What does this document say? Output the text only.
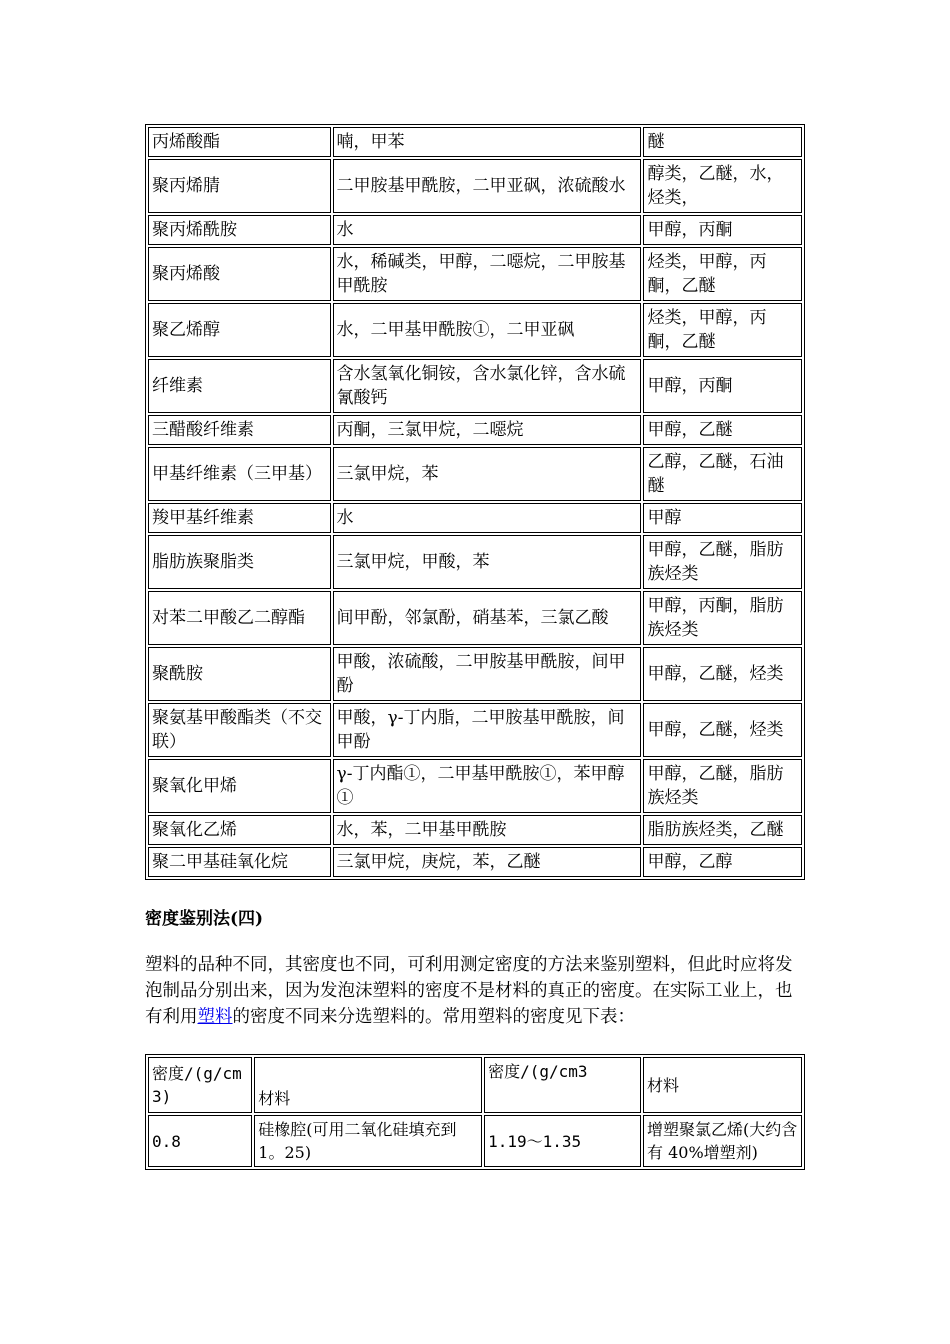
丙烯酸酯	喃，甲苯	醚
聚丙烯腈	二甲胺基甲酰胺，二甲亚砜，浓硫酸水	醇类，乙醚，水，烃类，
聚丙烯酰胺	水	甲醇，丙酮
聚丙烯酸	水，稀碱类，甲醇，二噁烷，二甲胺基甲酰胺	烃类，甲醇，丙酮，乙醚
聚乙烯醇	水，二甲基甲酰胺①，二甲亚砜	烃类，甲醇，丙酮，乙醚
纤维素	含水氢氧化铜铵，含水氯化锌，含水硫氰酸钙	甲醇，丙酮
三醋酸纤维素	丙酮，三氯甲烷，二噁烷	甲醇，乙醚
甲基纤维素（三甲基）	三氯甲烷，苯	乙醇，乙醚，石油醚
羧甲基纤维素	水	甲醇
脂肪族聚脂类	三氯甲烷，甲酸，苯	甲醇，乙醚，脂肪族烃类
对苯二甲酸乙二醇酯	间甲酚，邻氯酚，硝基苯，三氯乙酸	甲醇，丙酮，脂肪族烃类
聚酰胺	甲酸，浓硫酸，二甲胺基甲酰胺，间甲酚	甲醇，乙醚，烃类
聚氨基甲酸酯类（不交联）	甲酸，γ-丁内脂，二甲胺基甲酰胺，间甲酚	甲醇，乙醚，烃类
聚氧化甲烯	γ-丁内酯①，二甲基甲酰胺①，苯甲醇①	甲醇，乙醚，脂肪族烃类
聚氧化乙烯	水，苯，二甲基甲酰胺	脂肪族烃类，乙醚
聚二甲基硅氧化烷	三氯甲烷，庚烷，苯，乙醚	甲醇，乙醇
密度鉴别法(四)

塑料的品种不同，其密度也不同，可利用测定密度的方法来鉴别塑料，但此时应将发泡制品分别出来，因为发泡沫塑料的密度不是材料的真正的密度。在实际工业上，也有利用塑料的密度不同来分选塑料的。常用塑料的密度见下表：

密度/(g/cm3)	材料	密度/(g/cm3	材料
0.8	硅橡腔(可用二氧化硅填充到1。25)	1.19～1.35	增塑聚氯乙烯(大约含有 40%增塑剂)
